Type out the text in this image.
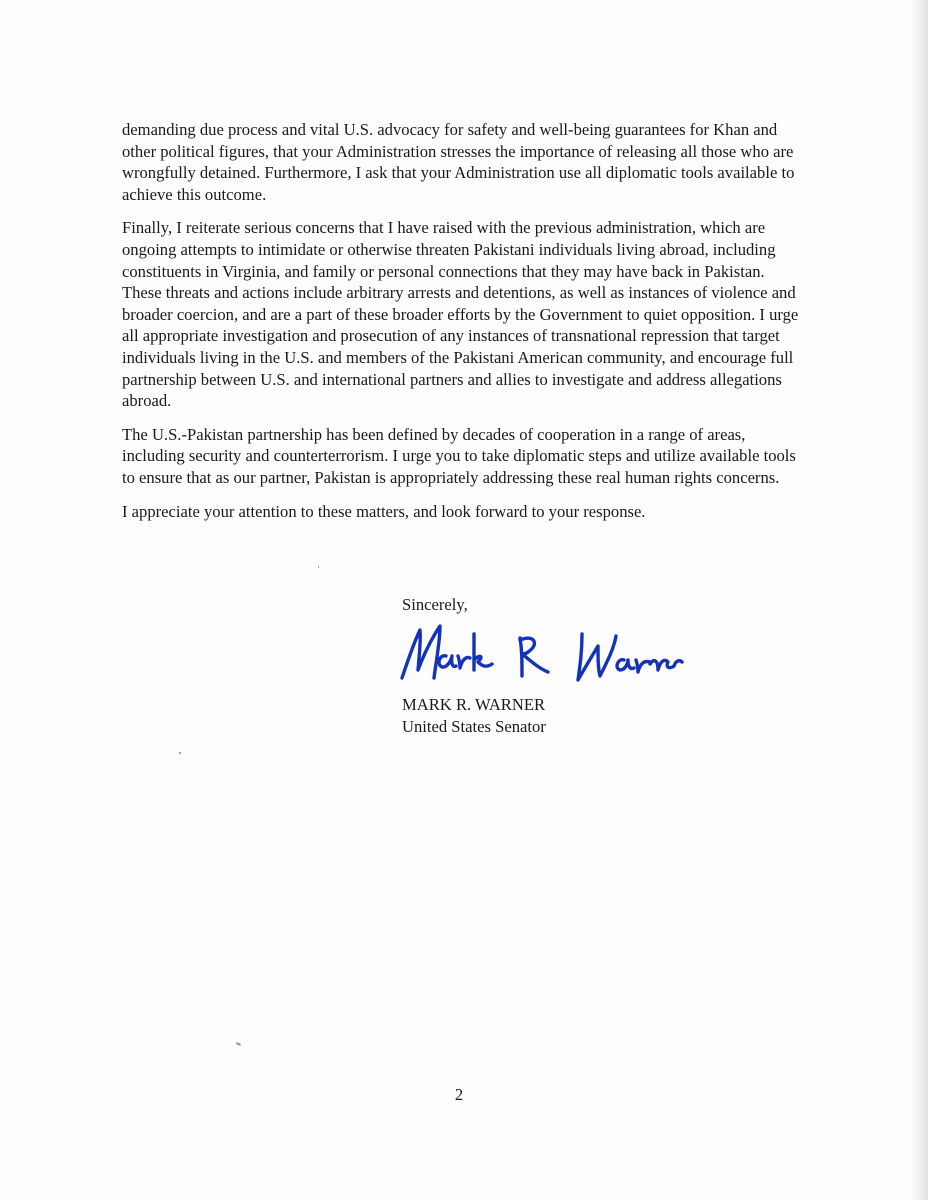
demanding due process and vital U.S. advocacy for safety and well-being guarantees for Khan and other political figures, that your Administration stresses the importance of releasing all those who are wrongfully detained. Furthermore, I ask that your Administration use all diplomatic tools available to achieve this outcome.

Finally, I reiterate serious concerns that I have raised with the previous administration, which are ongoing attempts to intimidate or otherwise threaten Pakistani individuals living abroad, including constituents in Virginia, and family or personal connections that they may have back in Pakistan. These threats and actions include arbitrary arrests and detentions, as well as instances of violence and broader coercion, and are a part of these broader efforts by the Government to quiet opposition. I urge all appropriate investigation and prosecution of any instances of transnational repression that target individuals living in the U.S. and members of the Pakistani American community, and encourage full partnership between U.S. and international partners and allies to investigate and address allegations abroad.

The U.S.-Pakistan partnership has been defined by decades of cooperation in a range of areas, including security and counterterrorism. I urge you to take diplomatic steps and utilize available tools to ensure that as our partner, Pakistan is appropriately addressing these real human rights concerns.

I appreciate your attention to these matters, and look forward to your response.

Sincerely,
MARK R. WARNER
United States Senator
2
